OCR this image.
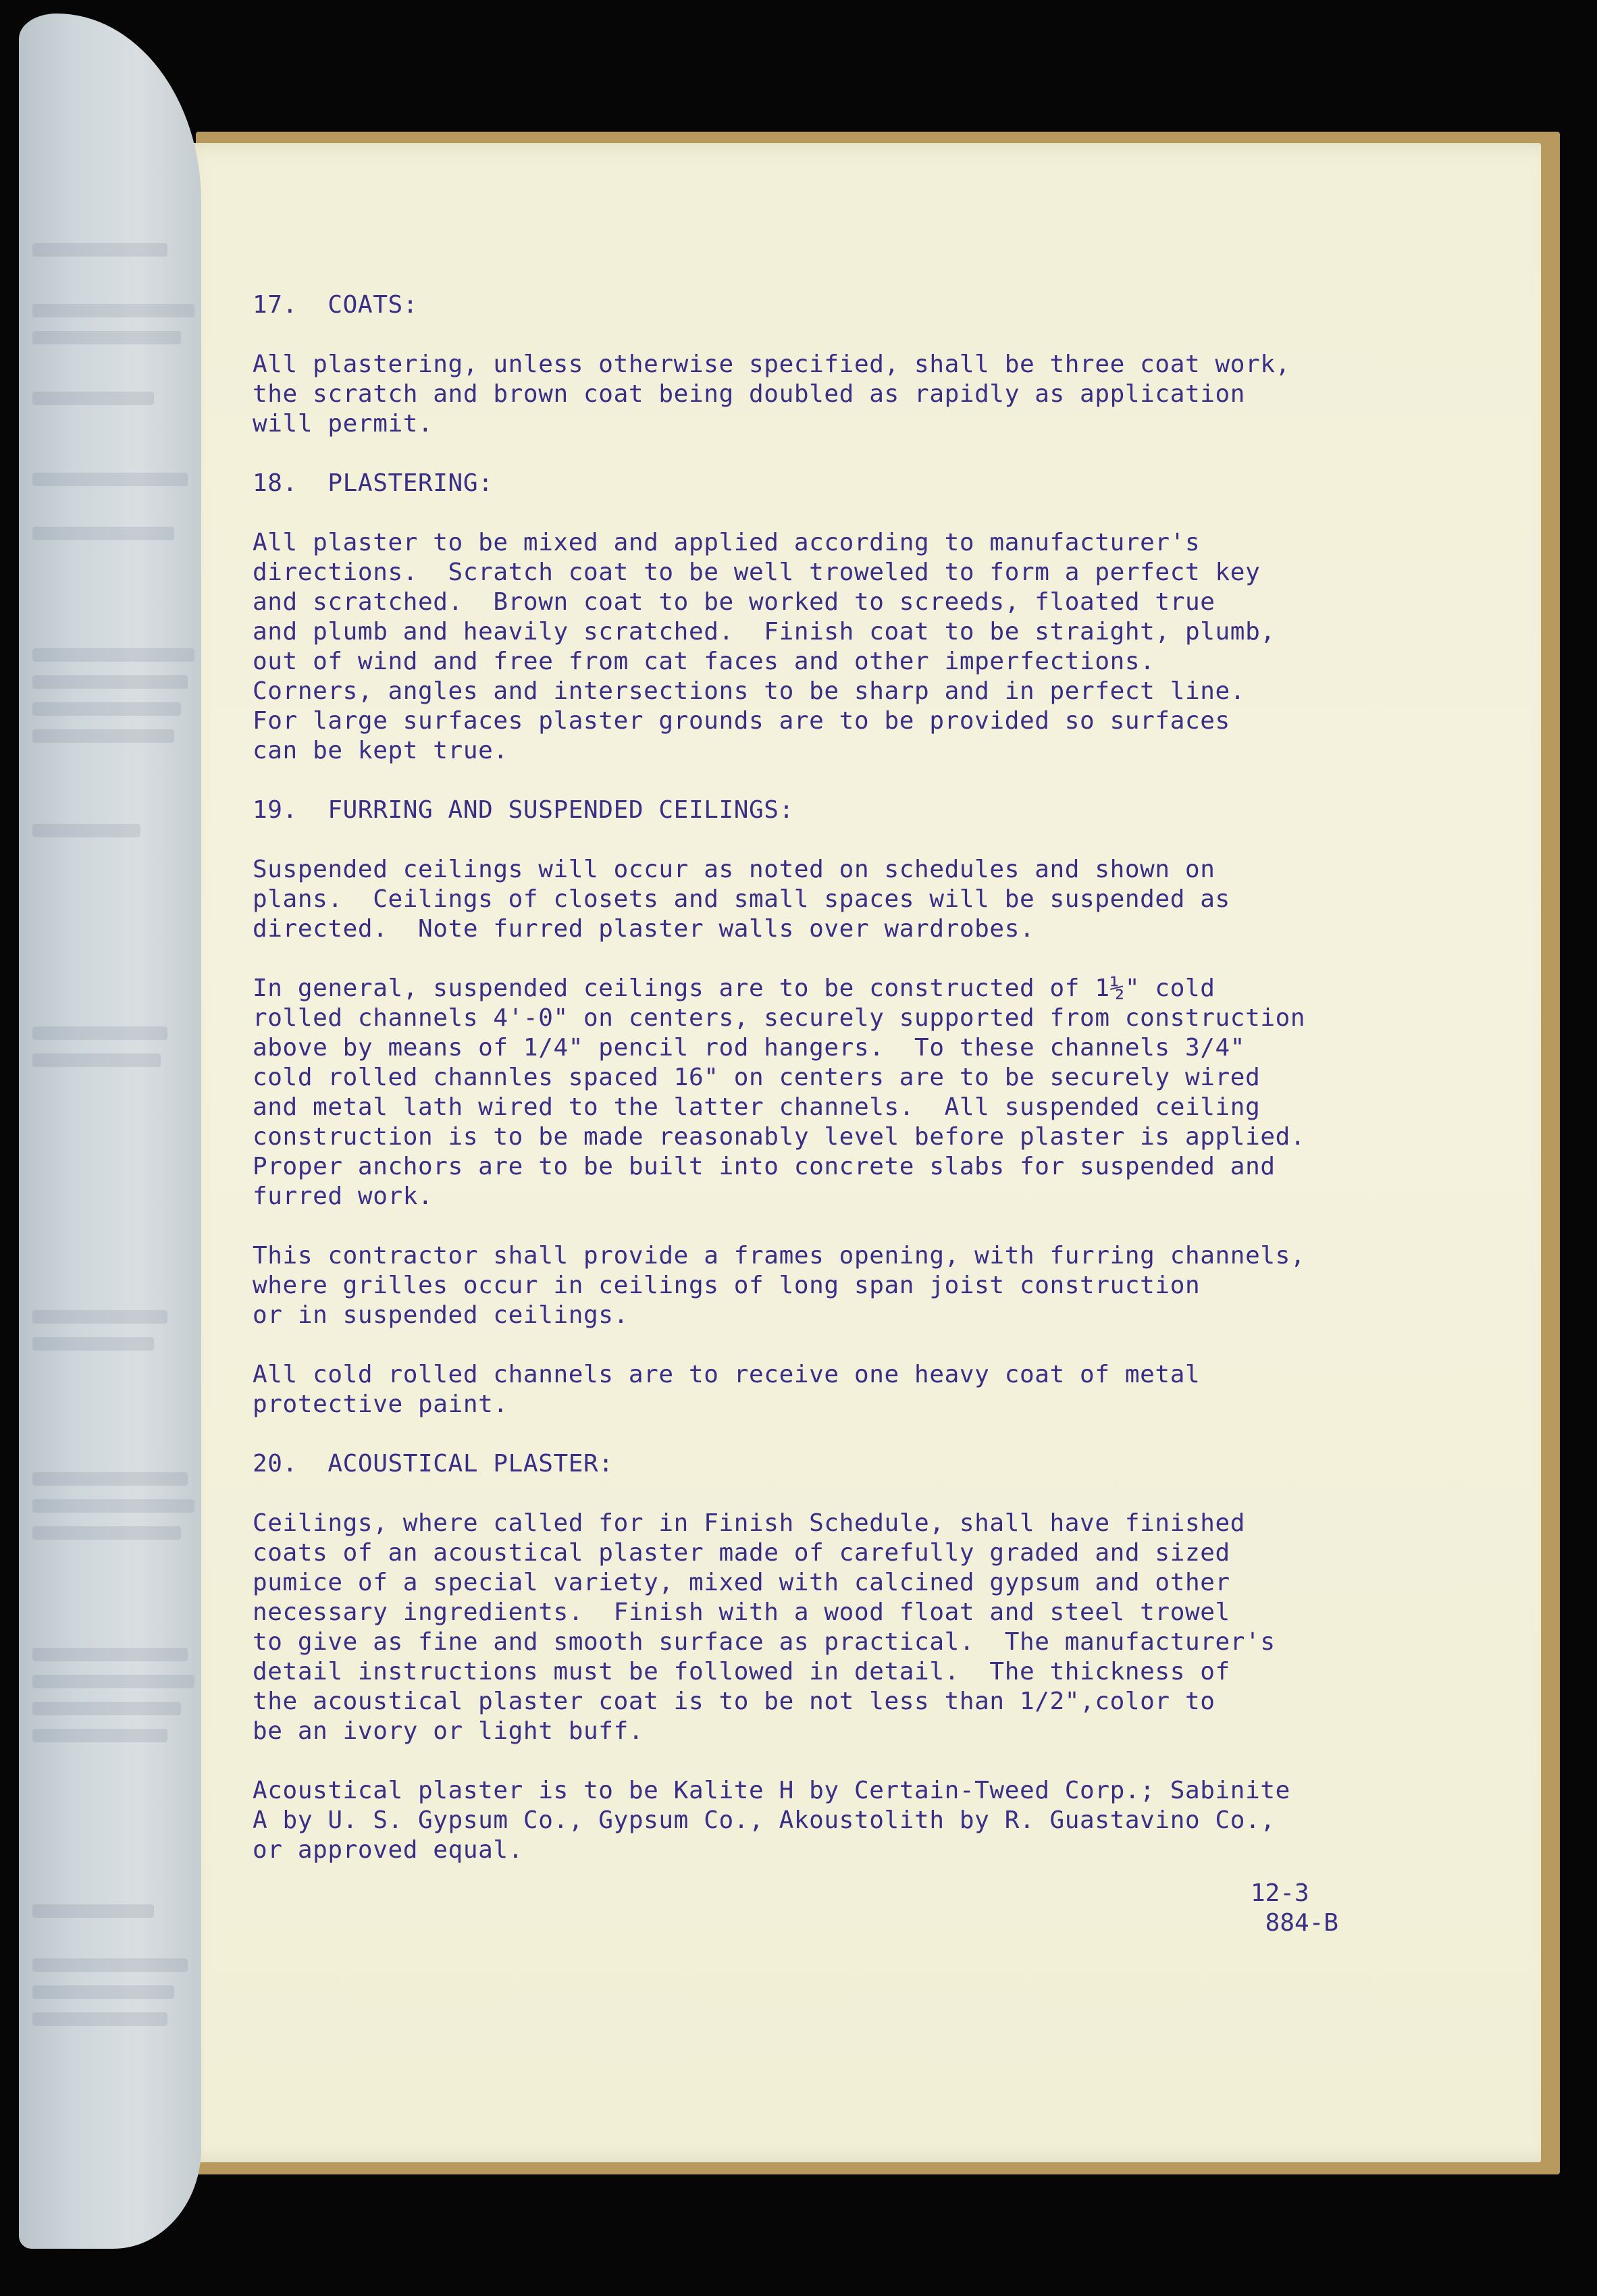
17.  COATS:
All plastering, unless otherwise specified, shall be three coat work,
the scratch and brown coat being doubled as rapidly as application
will permit.
18.  PLASTERING:
All plaster to be mixed and applied according to manufacturer's
directions.  Scratch coat to be well troweled to form a perfect key
and scratched.  Brown coat to be worked to screeds, floated true
and plumb and heavily scratched.  Finish coat to be straight, plumb,
out of wind and free from cat faces and other imperfections.
Corners, angles and intersections to be sharp and in perfect line.
For large surfaces plaster grounds are to be provided so surfaces
can be kept true.
19.  FURRING AND SUSPENDED CEILINGS:
Suspended ceilings will occur as noted on schedules and shown on
plans.  Ceilings of closets and small spaces will be suspended as
directed.  Note furred plaster walls over wardrobes.
In general, suspended ceilings are to be constructed of 1½" cold
rolled channels 4'-0" on centers, securely supported from construction
above by means of 1/4" pencil rod hangers.  To these channels 3/4"
cold rolled channles spaced 16" on centers are to be securely wired
and metal lath wired to the latter channels.  All suspended ceiling
construction is to be made reasonably level before plaster is applied.
Proper anchors are to be built into concrete slabs for suspended and
furred work.
This contractor shall provide a frames opening, with furring channels,
where grilles occur in ceilings of long span joist construction
or in suspended ceilings.
All cold rolled channels are to receive one heavy coat of metal
protective paint.
20.  ACOUSTICAL PLASTER:
Ceilings, where called for in Finish Schedule, shall have finished
coats of an acoustical plaster made of carefully graded and sized
pumice of a special variety, mixed with calcined gypsum and other
necessary ingredients.  Finish with a wood float and steel trowel
to give as fine and smooth surface as practical.  The manufacturer's
detail instructions must be followed in detail.  The thickness of
the acoustical plaster coat is to be not less than 1/2",color to
be an ivory or light buff.
Acoustical plaster is to be Kalite H by Certain-Tweed Corp.; Sabinite
A by U. S. Gypsum Co., Gypsum Co., Akoustolith by R. Guastavino Co.,
or approved equal.
12-3
884-B
